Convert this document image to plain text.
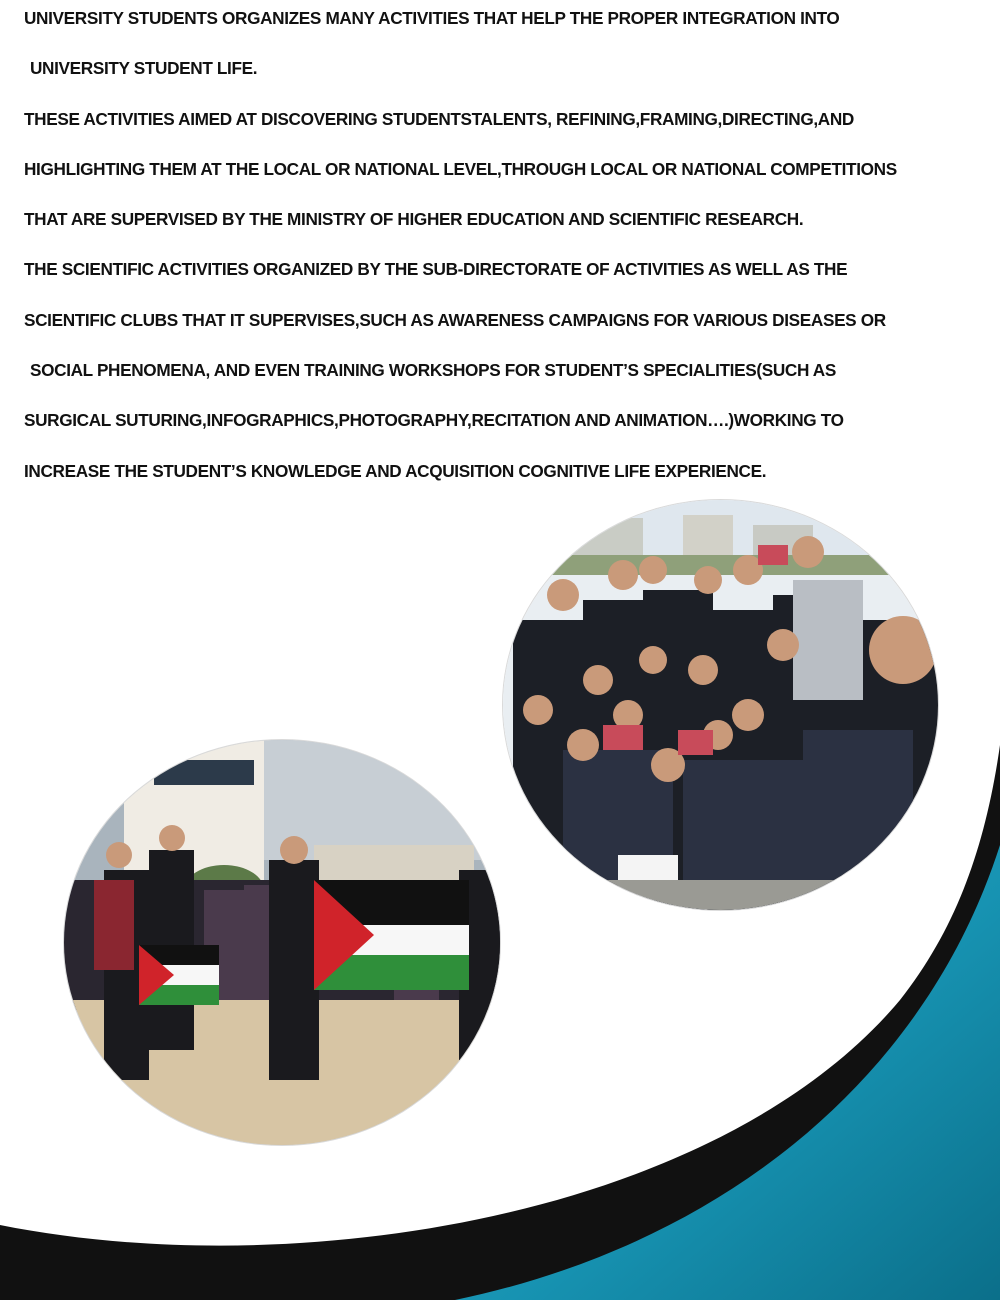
UNIVERSITY STUDENTS ORGANIZES MANY ACTIVITIES THAT HELP THE PROPER INTEGRATION INTO
UNIVERSITY STUDENT LIFE.
THESE ACTIVITIES AIMED AT DISCOVERING STUDENTSTALENTS, REFINING,FRAMING,DIRECTING,AND
HIGHLIGHTING THEM AT THE LOCAL OR NATIONAL LEVEL,THROUGH LOCAL OR NATIONAL COMPETITIONS
THAT ARE SUPERVISED BY THE MINISTRY OF HIGHER EDUCATION AND SCIENTIFIC RESEARCH.
THE SCIENTIFIC ACTIVITIES ORGANIZED BY THE SUB-DIRECTORATE OF ACTIVITIES AS WELL AS THE
SCIENTIFIC CLUBS THAT IT SUPERVISES,SUCH AS AWARENESS CAMPAIGNS FOR VARIOUS DISEASES OR
SOCIAL PHENOMENA, AND EVEN TRAINING WORKSHOPS FOR STUDENT’S SPECIALITIES(SUCH AS
SURGICAL SUTURING,INFOGRAPHICS,PHOTOGRAPHY,RECITATION AND ANIMATION….)WORKING TO
INCREASE THE STUDENT’S KNOWLEDGE AND ACQUISITION COGNITIVE LIFE EXPERIENCE.
